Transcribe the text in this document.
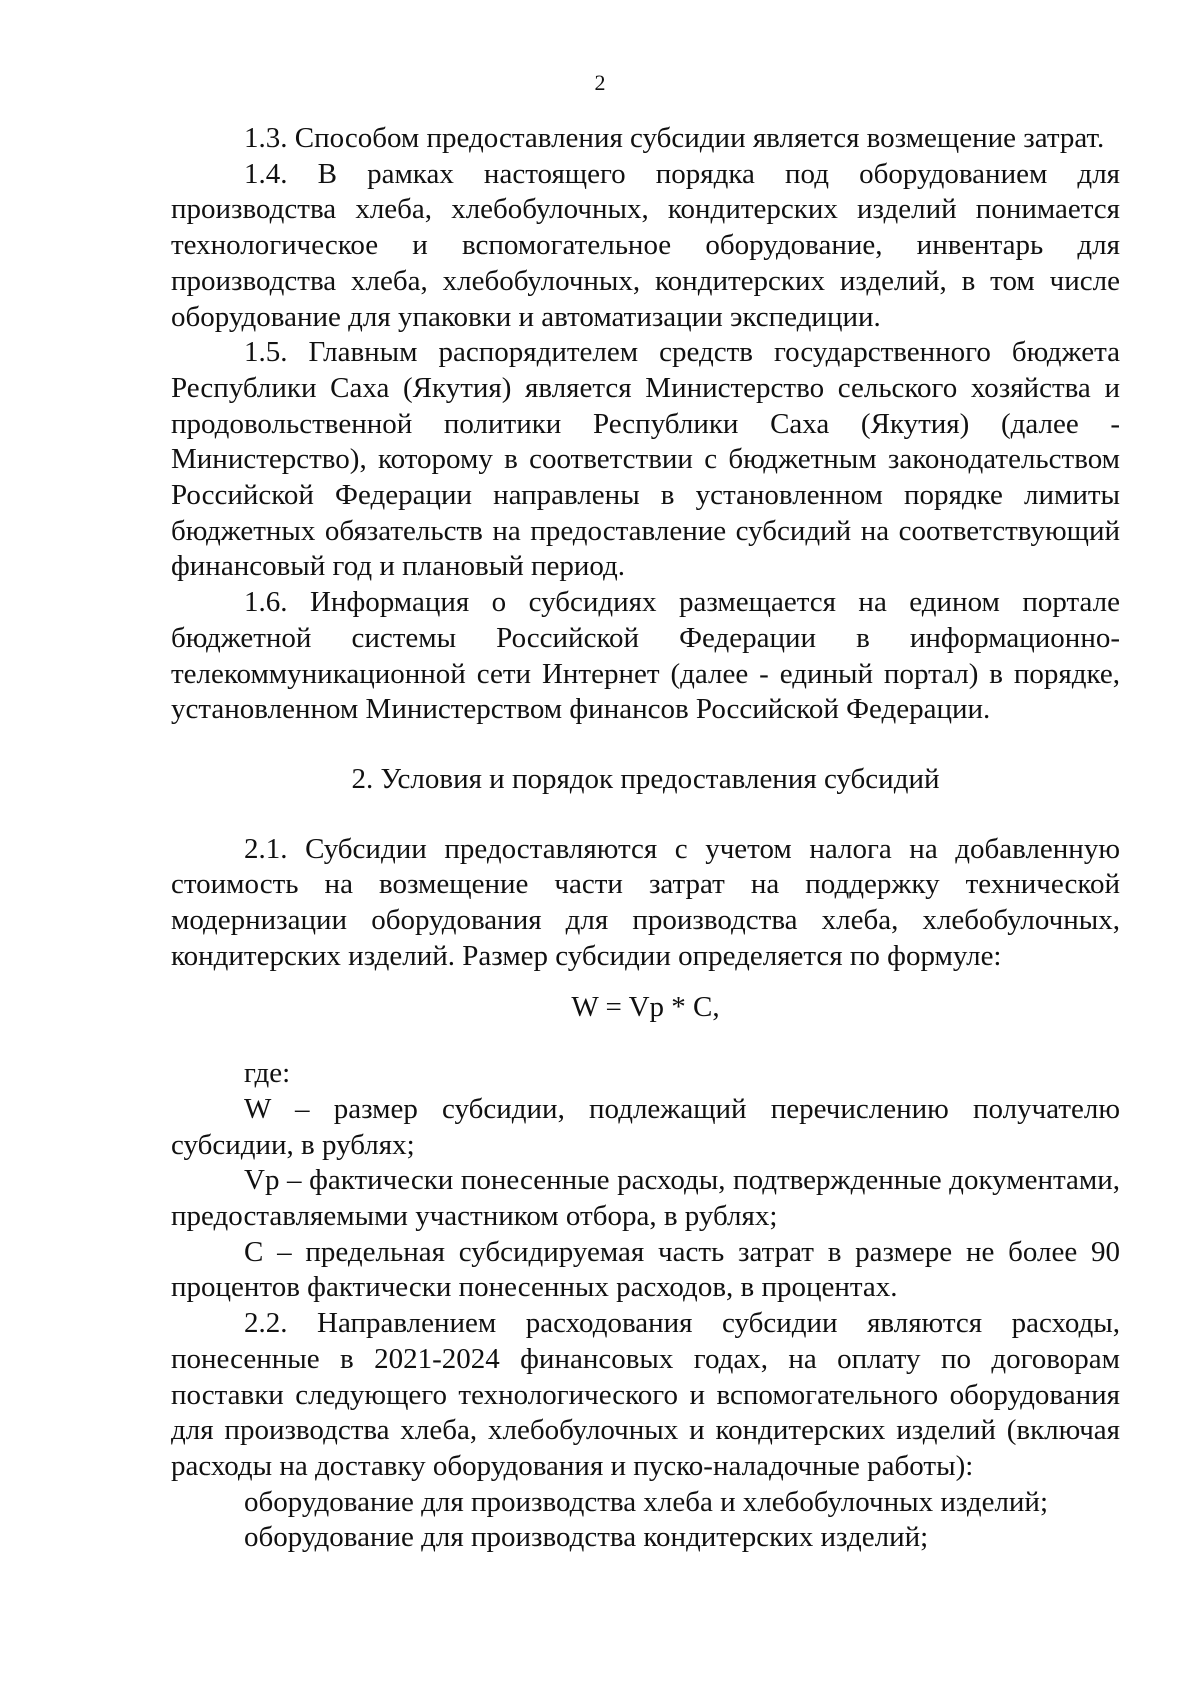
2

1.3. Способом предоставления субсидии является возмещение затрат.

1.4. В рамках настоящего порядка под оборудованием для производства хлеба, хлебобулочных, кондитерских изделий понимается технологическое и вспомогательное оборудование, инвентарь для производства хлеба, хлебобулочных, кондитерских изделий, в том числе оборудование для упаковки и автоматизации экспедиции.

1.5. Главным распорядителем средств государственного бюджета Республики Саха (Якутия) является Министерство сельского хозяйства и продовольственной политики Республики Саха (Якутия) (далее - Министерство), которому в соответствии с бюджетным законодательством Российской Федерации направлены в установленном порядке лимиты бюджетных обязательств на предоставление субсидий на соответствующий финансовый год и плановый период.

1.6. Информация о субсидиях размещается на едином портале бюджетной системы Российской Федерации в информационно-телекоммуникационной сети Интернет (далее - единый портал) в порядке, установленном Министерством финансов Российской Федерации.

2. Условия и порядок предоставления субсидий

2.1. Субсидии предоставляются с учетом налога на добавленную стоимость на возмещение части затрат на поддержку технической модернизации оборудования для производства хлеба, хлебобулочных, кондитерских изделий. Размер субсидии определяется по формуле:

W = Vp * C,

где:

W – размер субсидии, подлежащий перечислению получателю субсидии, в рублях;

Vp – фактически понесенные расходы, подтвержденные документами, предоставляемыми участником отбора, в рублях;

С – предельная субсидируемая часть затрат в размере не более 90 процентов фактически понесенных расходов, в процентах.

2.2. Направлением расходования субсидии являются расходы, понесенные в 2021-2024 финансовых годах, на оплату по договорам поставки следующего технологического и вспомогательного оборудования для производства хлеба, хлебобулочных и кондитерских изделий (включая расходы на доставку оборудования и пуско-наладочные работы):

оборудование для производства хлеба и хлебобулочных изделий;

оборудование для производства кондитерских изделий;
